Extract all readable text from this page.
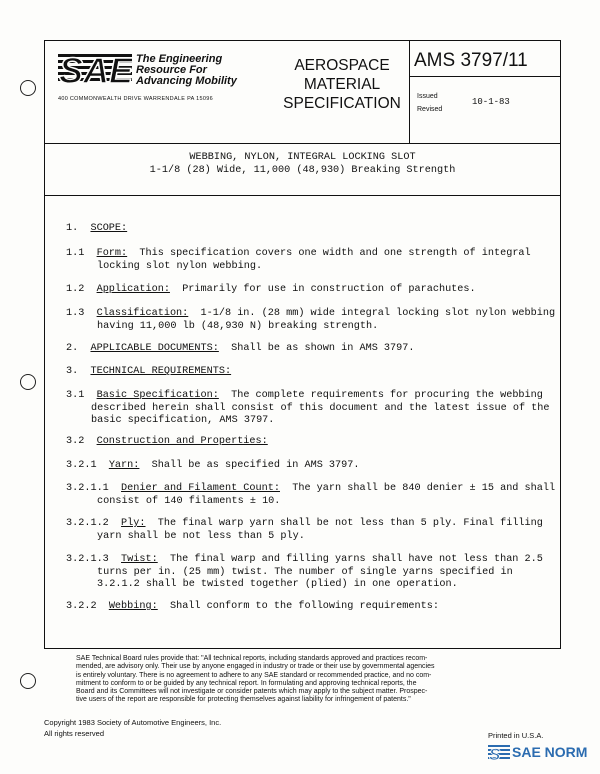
SAE The Engineering
Resource For
Advancing Mobility
400 COMMONWEALTH DRIVE WARRENDALE PA 15096
AEROSPACE
MATERIAL
SPECIFICATION
AMS 3797/11
Issued
Revised
10-1-83
WEBBING, NYLON, INTEGRAL LOCKING SLOT
1-1/8 (28) Wide, 11,000 (48,930) Breaking Strength
1. SCOPE:
1.1 Form: This specification covers one width and one strength of integral
locking slot nylon webbing.
1.2 Application: Primarily for use in construction of parachutes.
1.3 Classification: 1-1/8 in. (28 mm) wide integral locking slot nylon webbing
having 11,000 lb (48,930 N) breaking strength.
2. APPLICABLE DOCUMENTS: Shall be as shown in AMS 3797.
3. TECHNICAL REQUIREMENTS:
3.1 Basic Specification: The complete requirements for procuring the webbing
described herein shall consist of this document and the latest issue of the
basic specification, AMS 3797.
3.2 Construction and Properties:
3.2.1 Yarn: Shall be as specified in AMS 3797.
3.2.1.1 Denier and Filament Count: The yarn shall be 840 denier ± 15 and shall
consist of 140 filaments ± 10.
3.2.1.2 Ply: The final warp yarn shall be not less than 5 ply. Final filling
yarn shall be not less than 5 ply.
3.2.1.3 Twist: The final warp and filling yarns shall have not less than 2.5
turns per in. (25 mm) twist. The number of single yarns specified in
3.2.1.2 shall be twisted together (plied) in one operation.
3.2.2 Webbing: Shall conform to the following requirements:
SAE Technical Board rules provide that: "All technical reports, including standards approved and practices recom-
mended, are advisory only. Their use by anyone engaged in industry or trade or their use by governmental agencies
is entirely voluntary. There is no agreement to adhere to any SAE standard or recommended practice, and no com-
mitment to conform to or be guided by any technical report. In formulating and approving technical reports, the
Board and its Committees will not investigate or consider patents which may apply to the subject matter. Prospec-
tive users of the report are responsible for protecting themselves against liability for infringement of patents."
Copyright 1983 Society of Automotive Engineers, Inc.
All rights reserved	Printed in U.S.A.
S SAE NORM
